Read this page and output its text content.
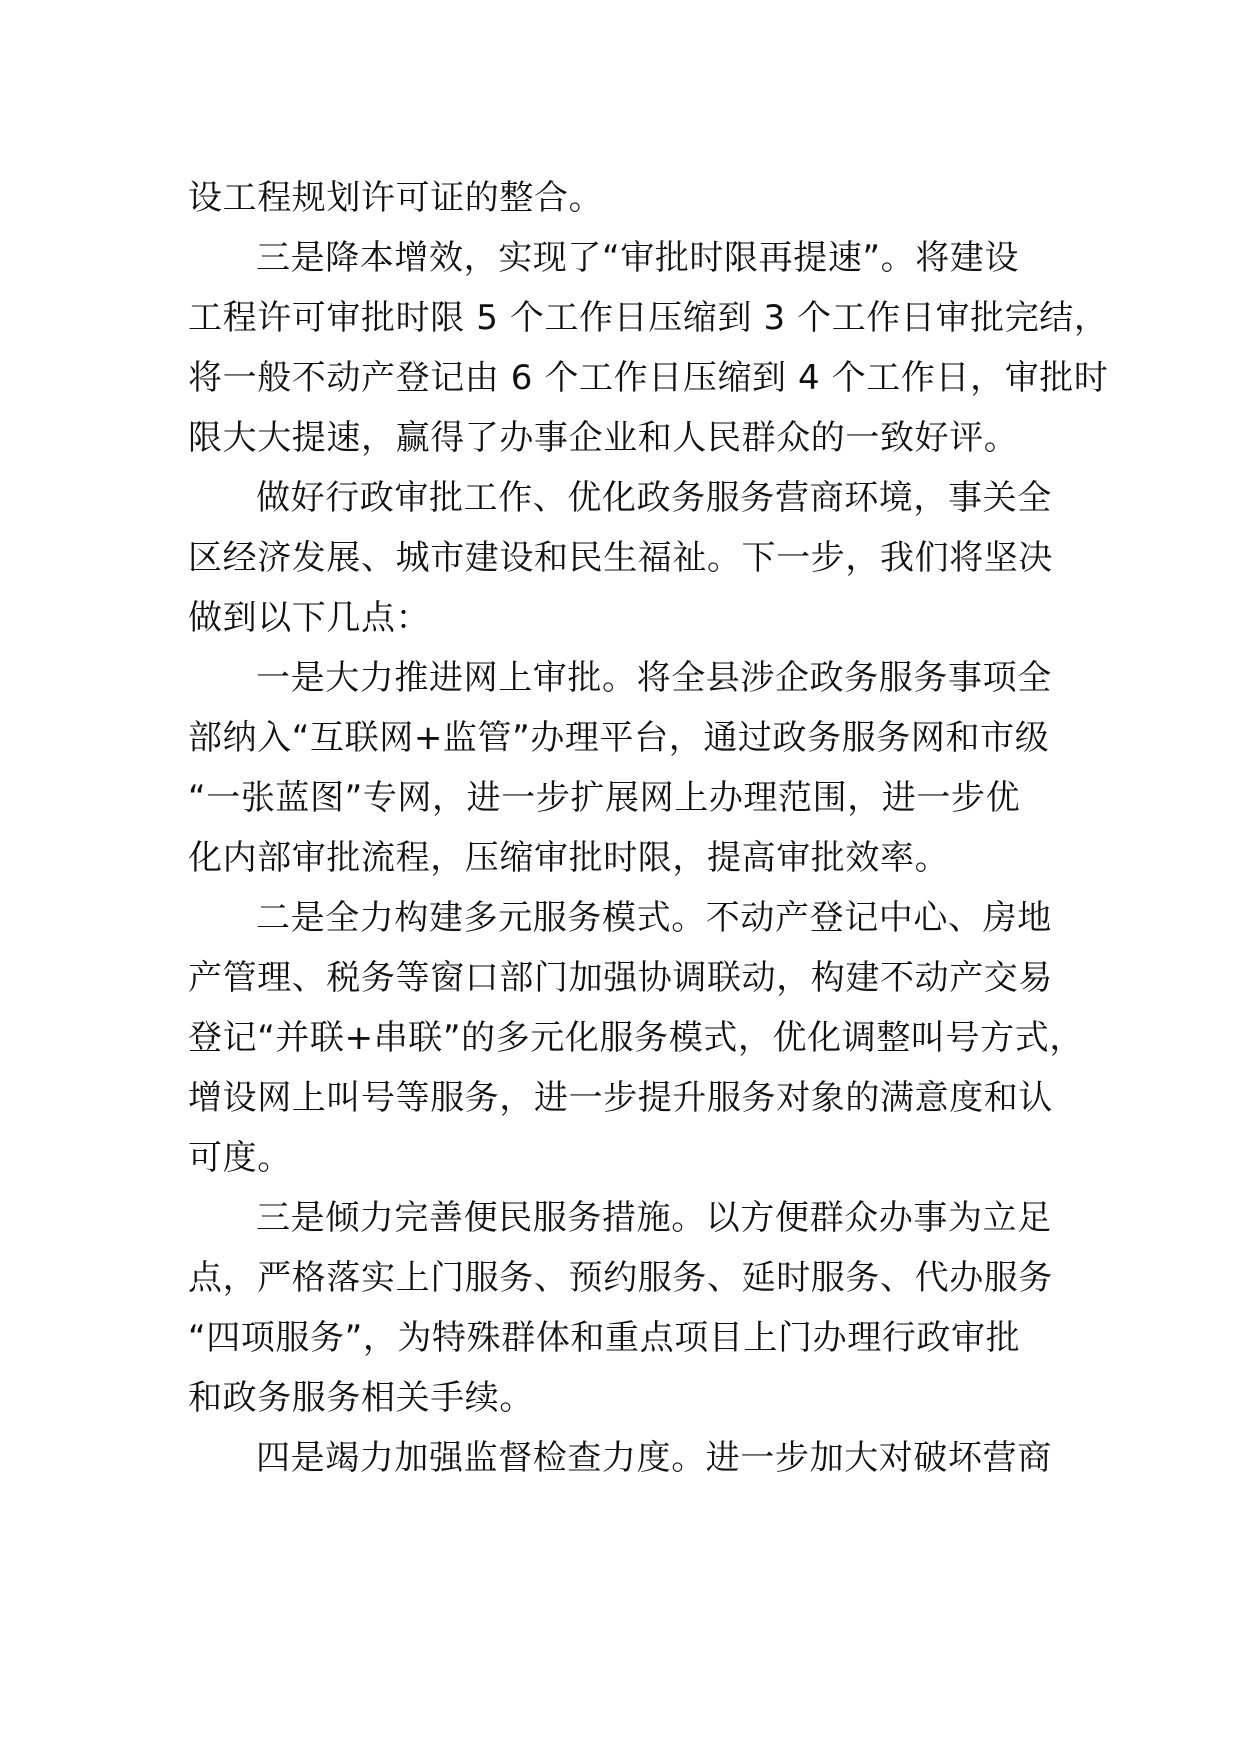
设工程规划许可证的整合。
三是降本增效，实现了“审批时限再提速”。将建设
工程许可审批时限 5 个工作日压缩到 3 个工作日审批完结，
将一般不动产登记由 6 个工作日压缩到 4 个工作日，审批时
限大大提速，赢得了办事企业和人民群众的一致好评。
做好行政审批工作、优化政务服务营商环境，事关全
区经济发展、城市建设和民生福祉。下一步，我们将坚决
做到以下几点：
一是大力推进网上审批。将全县涉企政务服务事项全
部纳入“互联网+监管”办理平台，通过政务服务网和市级
“一张蓝图”专网，进一步扩展网上办理范围，进一步优
化内部审批流程，压缩审批时限，提高审批效率。
二是全力构建多元服务模式。不动产登记中心、房地
产管理、税务等窗口部门加强协调联动，构建不动产交易
登记“并联+串联”的多元化服务模式，优化调整叫号方式，
增设网上叫号等服务，进一步提升服务对象的满意度和认
可度。
三是倾力完善便民服务措施。以方便群众办事为立足
点，严格落实上门服务、预约服务、延时服务、代办服务
“四项服务”，为特殊群体和重点项目上门办理行政审批
和政务服务相关手续。
四是竭力加强监督检查力度。进一步加大对破坏营商
